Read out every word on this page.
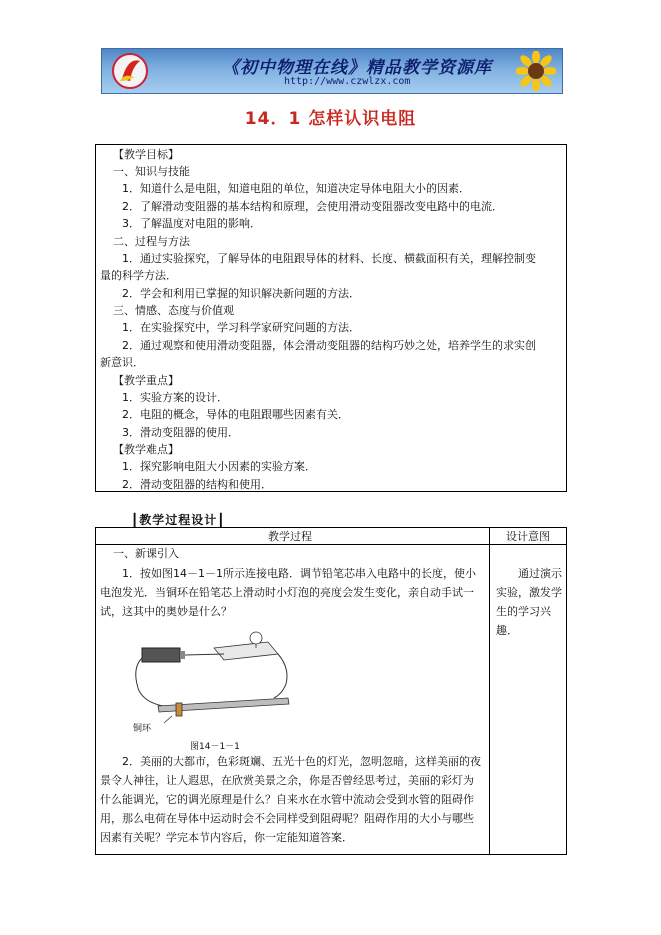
《初中物理在线》精品教学资源库
http://www.czwlzx.com
14．1 怎样认识电阻
【教学目标】
一、知识与技能
1．知道什么是电阻，知道电阻的单位，知道决定导体电阻大小的因素．
2．了解滑动变阻器的基本结构和原理，会使用滑动变阻器改变电路中的电流．
3．了解温度对电阻的影响．
二、过程与方法
1．通过实验探究，了解导体的电阻跟导体的材料、长度、横截面积有关，理解控制变
量的科学方法．
2．学会和利用已掌握的知识解决新问题的方法．
三、情感、态度与价值观
1．在实验探究中，学习科学家研究问题的方法．
2．通过观察和使用滑动变阻器，体会滑动变阻器的结构巧妙之处，培养学生的求实创
新意识．
【教学重点】
1．实验方案的设计．
2．电阻的概念，导体的电阻跟哪些因素有关．
3．滑动变阻器的使用．
【教学难点】
1．探究影响电阻大小因素的实验方案．
2．滑动变阻器的结构和使用．
┃教学过程设计┃
教学过程	设计意图
一、新课引入
1．按如图14－1－1所示连接电路．调节铅笔芯串入电路中的长度，使小电泡发光．当铜环在铅笔芯上滑动时小灯泡的亮度会发生变化，亲自动手试一试，这其中的奥妙是什么？
通过演示实验，激发学生的学习兴趣．
铜环
图14－1－1
2．美丽的大都市，色彩斑斓、五光十色的灯光，忽明忽暗，这样美丽的夜景令人神往，让人遐思，在欣赏美景之余，你是否曾经思考过，美丽的彩灯为什么能调光，它的调光原理是什么？自来水在水管中流动会受到水管的阻碍作用，那么电荷在导体中运动时会不会同样受到阻碍呢？阻碍作用的大小与哪些因素有关呢？学完本节内容后，你一定能知道答案．
